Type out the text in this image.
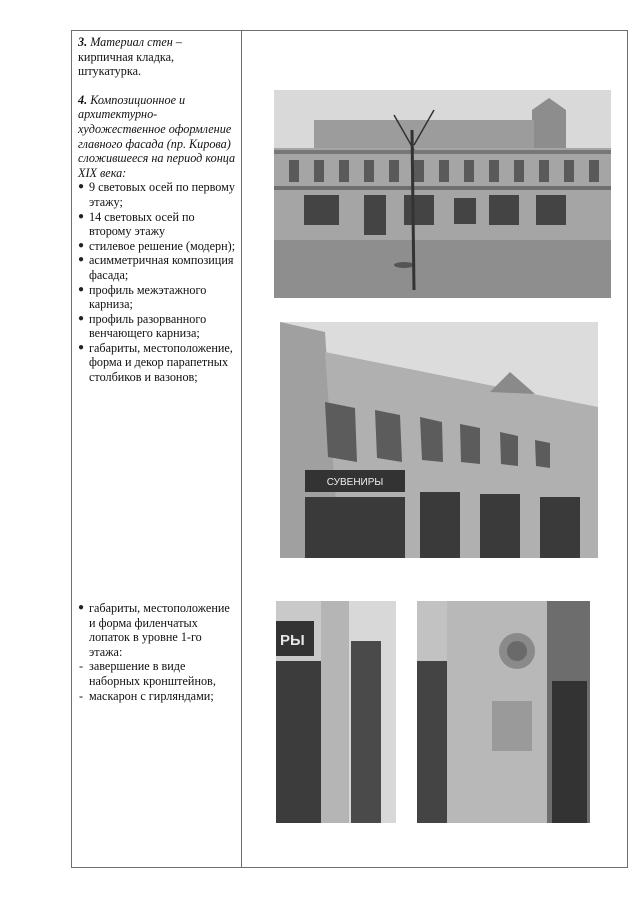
3. Материал стен –

кирпичная кладка, штукатурка.

4. Композиционное и архитектурно-художественное оформление главного фасада (пр. Кирова) сложившееся на период конца XIX века:

● 9 световых осей по первому этажу;
● 14 световых осей по второму этажу
● стилевое решение (модерн);
● асимметричная композиция фасада;
● профиль межэтажного карниза;
● профиль разорванного венчающего карниза;
● габариты, местоположение, форма и декор парапетных столбиков и вазонов;
● габариты, местоположение и форма филенчатых лопаток в уровне 1-го этажа:
- завершение в виде наборных кронштейнов,
- маскарон с гирляндами;
СУВЕНИРЫ
РЫ
